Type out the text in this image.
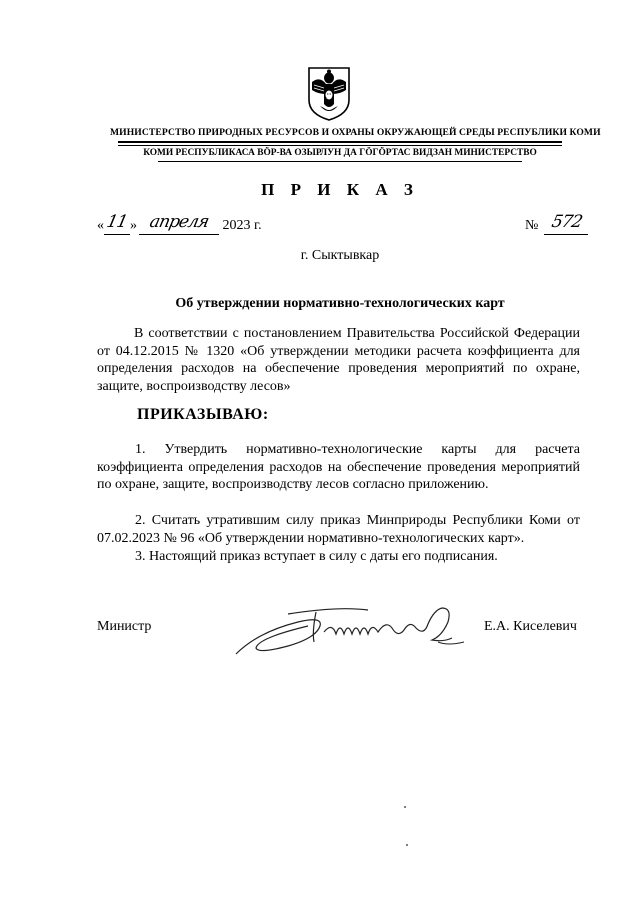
МИНИСТЕРСТВО ПРИРОДНЫХ РЕСУРСОВ И ОХРАНЫ ОКРУЖАЮЩЕЙ СРЕДЫ РЕСПУБЛИКИ КОМИ
КОМИ РЕСПУБЛИКАСА ВӦР-ВА ОЗЫРЛУН ДА ГӦГӦРТАС ВИДЗАН МИНИСТЕРСТВО
П Р И К А З
«11» апреля 2023 г.	№ 572
г. Сыктывкар
Об утверждении нормативно-технологических карт
В соответствии с постановлением Правительства Российской Федерации от 04.12.2015 № 1320 «Об утверждении методики расчета коэффициента для определения расходов на обеспечение проведения мероприятий по охране, защите, воспроизводству лесов»
ПРИКАЗЫВАЮ:
1. Утвердить нормативно-технологические карты для расчета коэффициента определения расходов на обеспечение проведения мероприятий по охране, защите, воспроизводству лесов согласно приложению.
2. Считать утратившим силу приказ Минприроды Республики Коми от 07.02.2023 № 96 «Об утверждении нормативно-технологических карт».
3. Настоящий приказ вступает в силу с даты его подписания.
Министр	Е.А. Киселевич
